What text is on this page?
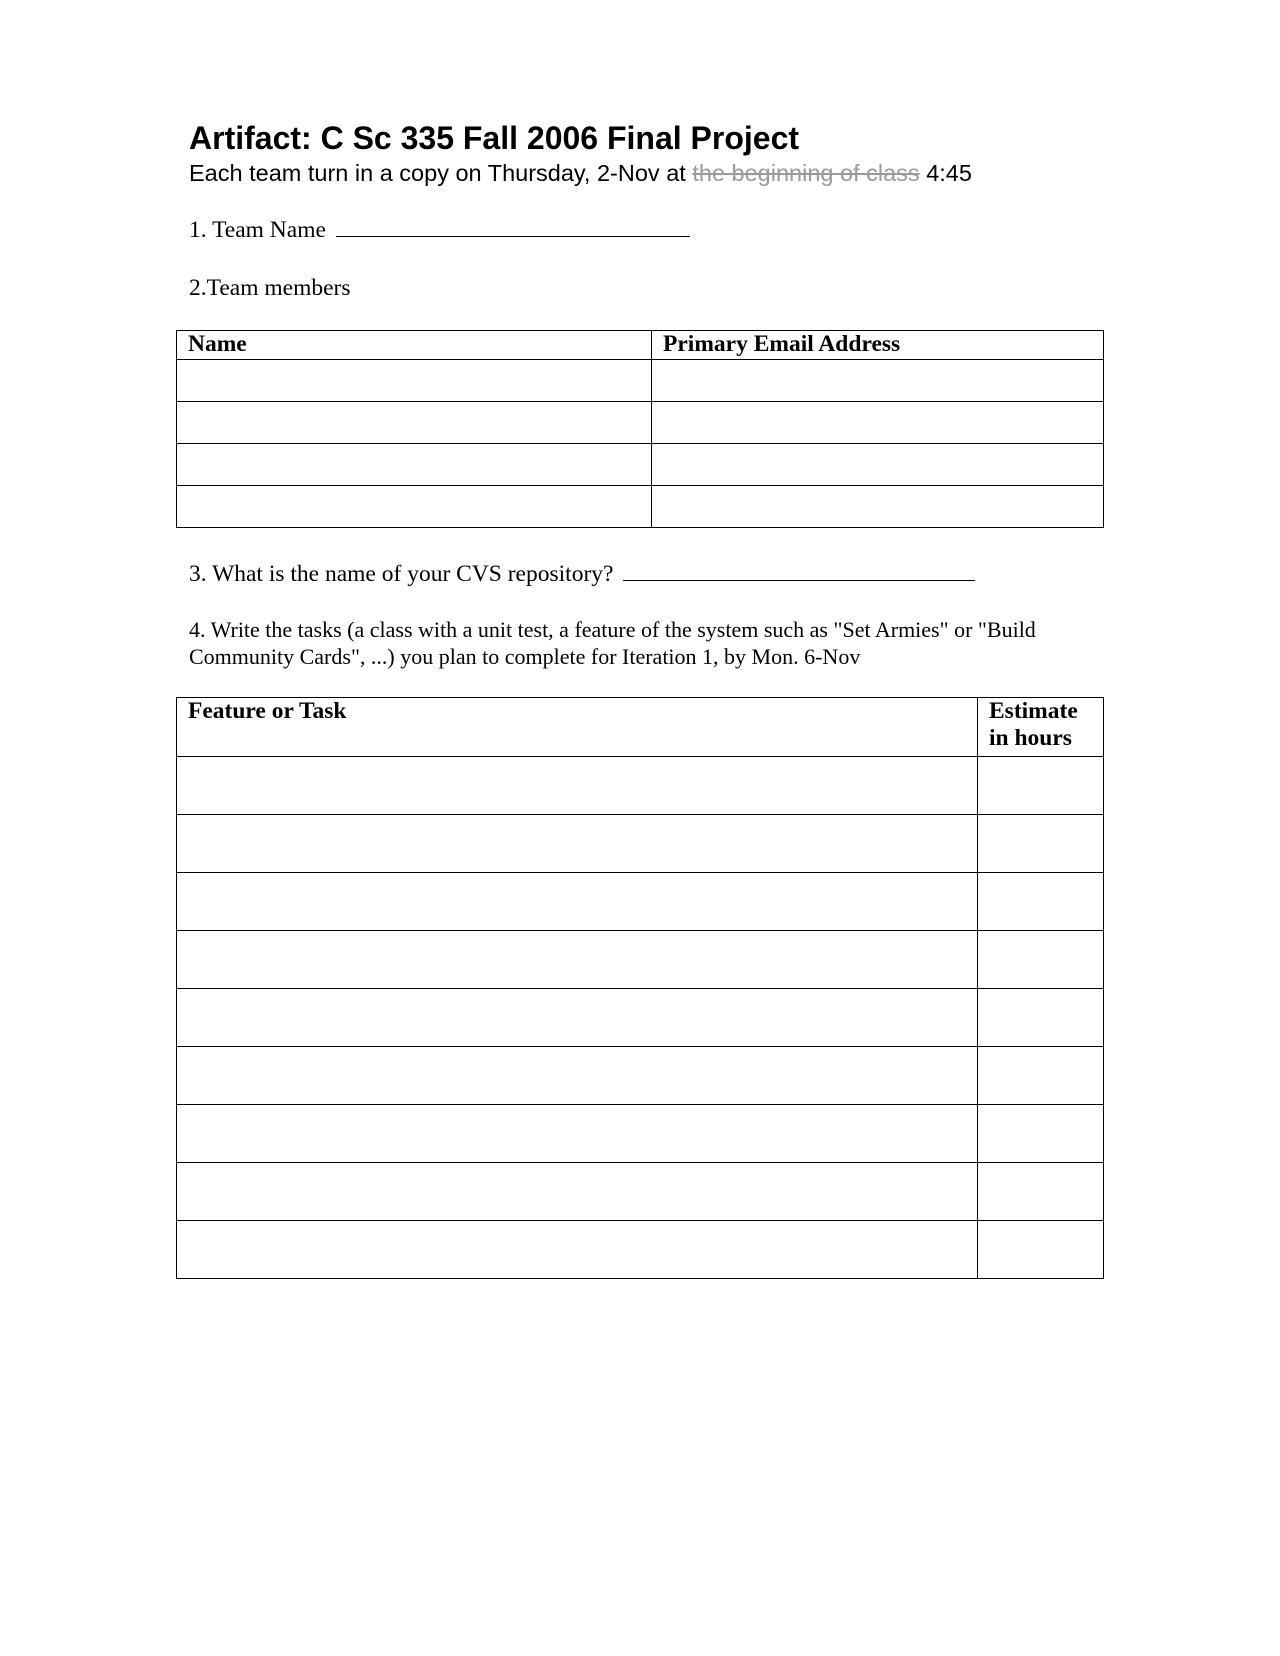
Artifact: C Sc 335 Fall 2006 Final Project

Each team turn in a copy on Thursday, 2-Nov at the beginning of class 4:45

1. Team Name

2.Team members

Name	Primary Email Address

3. What is the name of your CVS repository?

4. Write the tasks (a class with a unit test, a feature of the system such as "Set Armies" or "Build Community Cards", ...) you plan to complete for Iteration 1, by Mon. 6-Nov

Feature or Task	Estimate in hours
